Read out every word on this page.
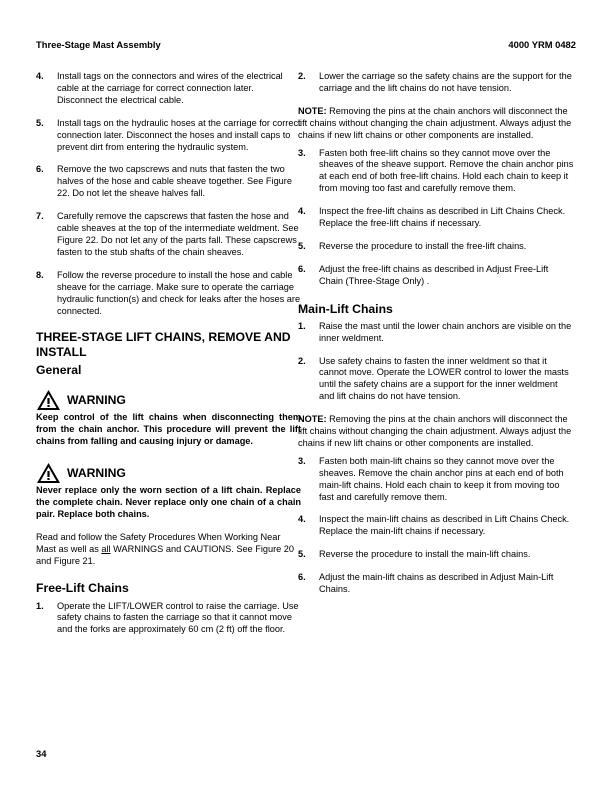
Three-Stage Mast Assembly	4000 YRM 0482
4.	Install tags on the connectors and wires of the electrical cable at the carriage for correct connection later. Disconnect the electrical cable.
5.	Install tags on the hydraulic hoses at the carriage for correct connection later. Disconnect the hoses and install caps to prevent dirt from entering the hydraulic system.
6.	Remove the two capscrews and nuts that fasten the two halves of the hose and cable sheave together. See Figure 22. Do not let the sheave halves fall.
7.	Carefully remove the capscrews that fasten the hose and cable sheaves at the top of the intermediate weldment. See Figure 22. Do not let any of the parts fall. These capscrews fasten to the stub shafts of the chain sheaves.
8.	Follow the reverse procedure to install the hose and cable sheave for the carriage. Make sure to operate the carriage hydraulic function(s) and check for leaks after the hoses are connected.
THREE-STAGE LIFT CHAINS, REMOVE AND INSTALL
General
WARNING
Keep control of the lift chains when disconnecting them from the chain anchor. This procedure will prevent the lift chains from falling and causing injury or damage.
WARNING
Never replace only the worn section of a lift chain. Replace the complete chain. Never replace only one chain of a chain pair. Replace both chains.
Read and follow the Safety Procedures When Working Near Mast as well as all WARNINGS and CAUTIONS. See Figure 20 and Figure 21.
Free-Lift Chains
1.	Operate the LIFT/LOWER control to raise the carriage. Use safety chains to fasten the carriage so that it cannot move and the forks are approximately 60 cm (2 ft) off the floor.
2.	Lower the carriage so the safety chains are the support for the carriage and the lift chains do not have tension.
NOTE: Removing the pins at the chain anchors will disconnect the lift chains without changing the chain adjustment. Always adjust the chains if new lift chains or other components are installed.
3.	Fasten both free-lift chains so they cannot move over the sheaves of the sheave support. Remove the chain anchor pins at each end of both free-lift chains. Hold each chain to keep it from moving too fast and carefully remove them.
4.	Inspect the free-lift chains as described in Lift Chains Check. Replace the free-lift chains if necessary.
5.	Reverse the procedure to install the free-lift chains.
6.	Adjust the free-lift chains as described in Adjust Free-Lift Chain (Three-Stage Only) .
Main-Lift Chains
1.	Raise the mast until the lower chain anchors are visible on the inner weldment.
2.	Use safety chains to fasten the inner weldment so that it cannot move. Operate the LOWER control to lower the masts until the safety chains are a support for the inner weldment and lift chains do not have tension.
NOTE: Removing the pins at the chain anchors will disconnect the lift chains without changing the chain adjustment. Always adjust the chains if new lift chains or other components are installed.
3.	Fasten both main-lift chains so they cannot move over the sheaves. Remove the chain anchor pins at each end of both main-lift chains. Hold each chain to keep it from moving too fast and carefully remove them.
4.	Inspect the main-lift chains as described in Lift Chains Check. Replace the main-lift chains if necessary.
5.	Reverse the procedure to install the main-lift chains.
6.	Adjust the main-lift chains as described in Adjust Main-Lift Chains.
34
